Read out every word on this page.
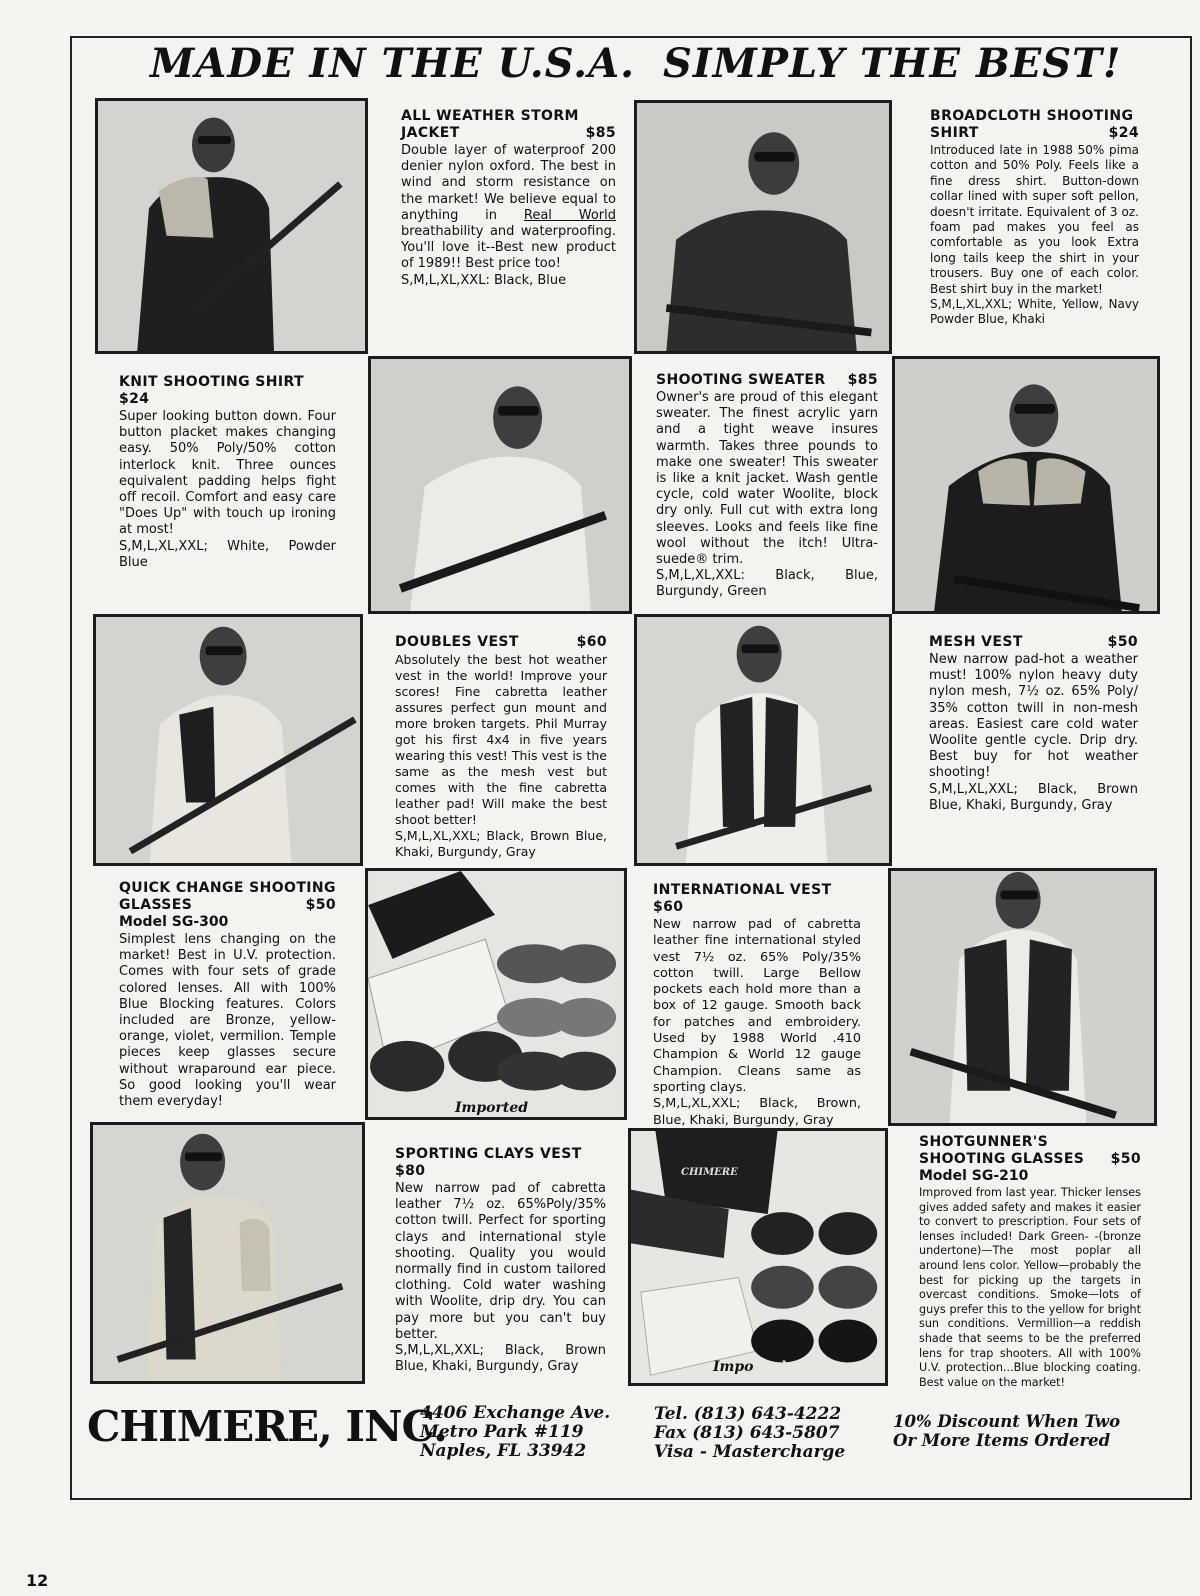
MADE IN THE U.S.A. SIMPLY THE BEST!
ALL WEATHER STORM
JACKET	$85
Double layer of waterproof 200 denier nylon oxford. The best in wind and storm resistance on the market! We believe equal to anything in Real World breathability and waterproofing. You'll love it--Best new product of 1989!! Best price too!
S,M,L,XL,XXL: Black, Blue
BROADCLOTH SHOOTING
SHIRT	$24
Introduced late in 1988 50% pima cotton and 50% Poly. Feels like a fine dress shirt. Button-down collar lined with super soft pellon, doesn't irritate. Equivalent of 3 oz. foam pad makes you feel as comfortable as you look Extra long tails keep the shirt in your trousers. Buy one of each color. Best shirt buy in the market!
S,M,L,XL,XXL; White, Yellow, Navy Powder Blue, Khaki
KNIT SHOOTING SHIRT $24
Super looking button down. Four button placket makes changing easy. 50% Poly/50% cotton interlock knit. Three ounces equivalent padding helps fight off recoil. Comfort and easy care "Does Up" with touch up ironing at most!
S,M,L,XL,XXL; White, Powder Blue
SHOOTING SWEATER $85
Owner's are proud of this elegant sweater. The finest acrylic yarn and a tight weave insures warmth. Takes three pounds to make one sweater! This sweater is like a knit jacket. Wash gentle cycle, cold water Woolite, block dry only. Full cut with extra long sleeves. Looks and feels like fine wool without the itch! Ultra-suede® trim.
S,M,L,XL,XXL: Black, Blue, Burgundy, Green
DOUBLES VEST	$60
Absolutely the best hot weather vest in the world! Improve your scores! Fine cabretta leather assures perfect gun mount and more broken targets. Phil Murray got his first 4x4 in five years wearing this vest! This vest is the same as the mesh vest but comes with the fine cabretta leather pad! Will make the best shoot better!
S,M,L,XL,XXL; Black, Brown Blue, Khaki, Burgundy, Gray
MESH VEST	$50
New narrow pad-hot a weather must! 100% nylon heavy duty nylon mesh, 7½ oz. 65% Poly/ 35% cotton twill in non-mesh areas. Easiest care cold water Woolite gentle cycle. Drip dry. Best buy for hot weather shooting!
S,M,L,XL,XXL; Black, Brown Blue, Khaki, Burgundy, Gray
QUICK CHANGE SHOOTING
GLASSES	$50
Model SG-300
Simplest lens changing on the market! Best in U.V. protection. Comes with four sets of grade colored lenses. All with 100% Blue Blocking features. Colors included are Bronze, yellow-orange, violet, vermilion. Temple pieces keep glasses secure without wraparound ear piece. So good looking you'll wear them everyday!	Imported
INTERNATIONAL VEST $60
New narrow pad of cabretta leather fine international styled vest 7½ oz. 65% Poly/35% cotton twill. Large Bellow pockets each hold more than a box of 12 gauge. Smooth back for patches and embroidery. Used by 1988 World .410 Champion & World 12 gauge Champion. Cleans same as sporting clays.
S,M,L,XL,XXL; Black, Brown, Blue, Khaki, Burgundy, Gray
SPORTING CLAYS VEST $80
New narrow pad of cabretta leather 7½ oz. 65%Poly/35% cotton twill. Perfect for sporting clays and international style shooting. Quality you would normally find in custom tailored clothing. Cold water washing with Woolite, drip dry. You can pay more but you can't buy better.
S,M,L,XL,XXL; Black, Brown Blue, Khaki, Burgundy, Gray
CHIMERE
Imported
SHOTGUNNER'S
SHOOTING GLASSES $50
Model SG-210
Improved from last year. Thicker lenses gives added safety and makes it easier to convert to prescription. Four sets of lenses included! Dark Green- -(bronze undertone)—The most poplar all around lens color. Yellow—probably the best for picking up the targets in overcast conditions. Smoke—lots of guys prefer this to the yellow for bright sun conditions. Vermillion—a reddish shade that seems to be the preferred lens for trap shooters. All with 100% U.V. protection...Blue blocking coating. Best value on the market!
CHIMERE, INC.
4406 Exchange Ave.
Metro Park #119
Naples, FL 33942
Tel. (813) 643-4222
Fax (813) 643-5807
Visa - Mastercharge
10% Discount When Two
Or More Items Ordered
12
